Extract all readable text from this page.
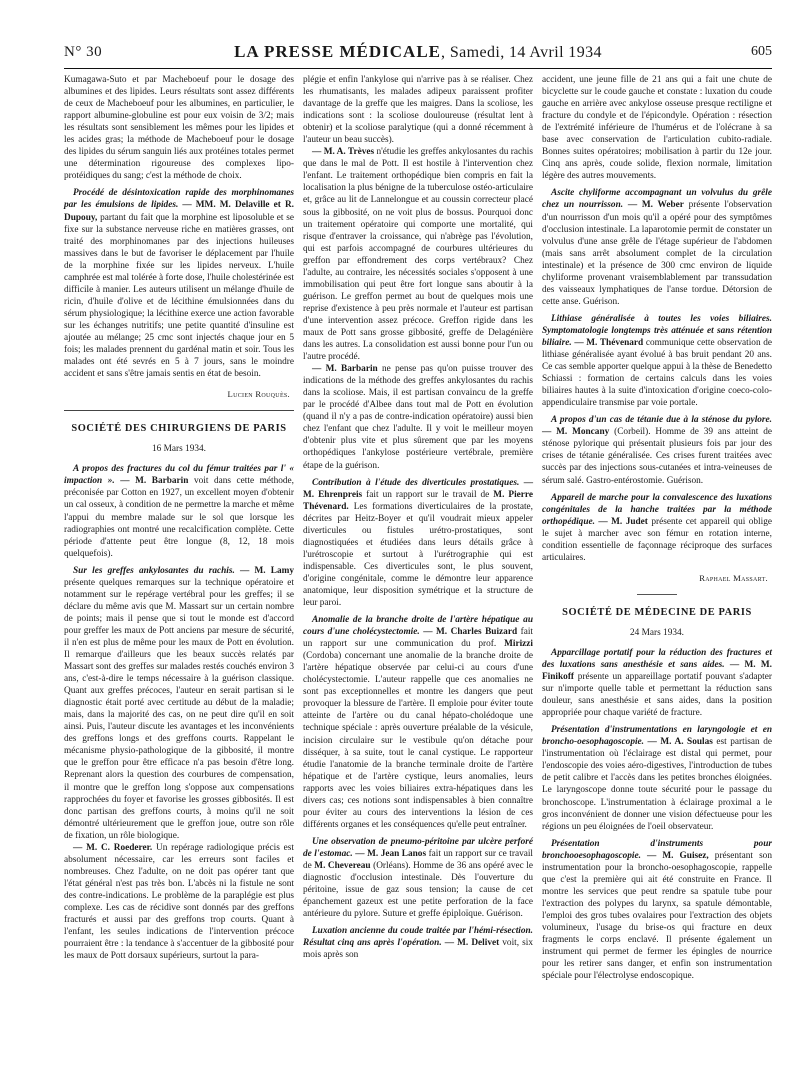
N° 30	LA PRESSE MÉDICALE, Samedi, 14 Avril 1934	605

Kumagawa-Suto et par Macheboeuf pour le dosage des albumines et des lipides. Leurs résultats sont assez différents de ceux de Macheboeuf pour les albumines, en particulier, le rapport albumine-globuline est pour eux voisin de 3/2; mais les résultats sont sensiblement les mêmes pour les lipides et les acides gras; la méthode de Macheboeuf pour le dosage des lipides du sérum sanguin liés aux protéines totales permet une détermination rigoureuse des complexes lipo-protéidiques du sang; c'est la méthode de choix.

Procédé de désintoxication rapide des morphinomanes par les émulsions de lipides. — MM. M. Delaville et R. Dupouy, partant du fait que la morphine est liposoluble et se fixe sur la substance nerveuse riche en matières grasses, ont traité des morphinomanes par des injections huileuses massives dans le but de favoriser le déplacement par l'huile de la morphine fixée sur les lipides nerveux. L'huile camphrée est mal tolérée à forte dose, l'huile cholestérinée est difficile à manier. Les auteurs utilisent un mélange d'huile de ricin, d'huile d'olive et de lécithine émulsionnées dans du sérum physiologique; la lécithine exerce une action favorable sur les échanges nutritifs; une petite quantité d'insuline est ajoutée au mélange; 25 cmc sont injectés chaque jour en 5 fois; les malades prennent du gardénal matin et soir. Tous les malades ont été sevrés en 5 à 7 jours, sans le moindre accident et sans s'être jamais sentis en état de besoin.

Lucien Rouquès.
SOCIÉTÉ DES CHIRURGIENS DE PARIS
16 Mars 1934.

A propos des fractures du col du fémur traitées par l' « impaction ». — M. Barbarin voit dans cette méthode, préconisée par Cotton en 1927, un excellent moyen d'obtenir un cal osseux, à condition de ne permettre la marche et même l'appui du membre malade sur le sol que lorsque les radiographies ont montré une recalcification complète. Cette période d'attente peut être longue (8, 12, 18 mois quelquefois).

Sur les greffes ankylosantes du rachis. — M. Lamy présente quelques remarques sur la technique opératoire et notamment sur le repérage vertébral pour les greffes; il se déclare du même avis que M. Massart sur un certain nombre de points; mais il pense que si tout le monde est d'accord pour greffer les maux de Pott anciens par mesure de sécurité, il n'en est plus de même pour les maux de Pott en évolution. Il remarque d'ailleurs que les beaux succès relatés par Massart sont des greffes sur malades restés couchés environ 3 ans, c'est-à-dire le temps nécessaire à la guérison classique. Quant aux greffes précoces, l'auteur en serait partisan si le diagnostic était porté avec certitude au début de la maladie; mais, dans la majorité des cas, on ne peut dire qu'il en soit ainsi. Puis, l'auteur discute les avantages et les inconvénients des greffons longs et des greffons courts. Rappelant le mécanisme physio-pathologique de la gibbosité, il montre que le greffon pour être efficace n'a pas besoin d'être long. Reprenant alors la question des courbures de compensation, il montre que le greffon long s'oppose aux compensations rapprochées du foyer et favorise les grosses gibbosités. Il est donc partisan des greffons courts, à moins qu'il ne soit démontré ultérieurement que le greffon joue, outre son rôle de fixation, un rôle biologique.

— M. C. Roederer. Un repérage radiologique précis est absolument nécessaire, car les erreurs sont faciles et nombreuses. Chez l'adulte, on ne doit pas opérer tant que l'état général n'est pas très bon. L'abcès ni la fistule ne sont des contre-indications. Le problème de la paraplégie est plus complexe. Les cas de récidive sont donnés par des greffons fracturés et aussi par des greffons trop courts. Quant à l'enfant, les seules indications de l'intervention précoce pourraient être : la tendance à s'accentuer de la gibbosité pour les maux de Pott dorsaux supérieurs, surtout la para-

plégie et enfin l'ankylose qui n'arrive pas à se réaliser. Chez les rhumatisants, les malades adipeux paraissent profiter davantage de la greffe que les maigres. Dans la scoliose, les indications sont : la scoliose douloureuse (résultat lent à obtenir) et la scoliose paralytique (qui a donné récemment à l'auteur un beau succès).

— M. A. Trèves n'étudie les greffes ankylosantes du rachis que dans le mal de Pott. Il est hostile à l'intervention chez l'enfant. Le traitement orthopédique bien compris en fait la localisation la plus bénigne de la tuberculose ostéo-articulaire et, grâce au lit de Lannelongue et au coussin correcteur placé sous la gibbosité, on ne voit plus de bossus. Pourquoi donc un traitement opératoire qui comporte une mortalité, qui risque d'entraver la croissance, qui n'abrège pas l'évolution, qui est parfois accompagné de courbures ultérieures du greffon par effondrement des corps vertébraux? Chez l'adulte, au contraire, les nécessités sociales s'opposent à une immobilisation qui peut être fort longue sans aboutir à la guérison. Le greffon permet au bout de quelques mois une reprise d'existence à peu près normale et l'auteur est partisan d'une intervention assez précoce. Greffon rigide dans les maux de Pott sans grosse gibbosité, greffe de Delagénière dans les autres. La consolidation est aussi bonne pour l'un ou l'autre procédé.

— M. Barbarin ne pense pas qu'on puisse trouver des indications de la méthode des greffes ankylosantes du rachis dans la scoliose. Mais, il est partisan convaincu de la greffe par le procédé d'Albee dans tout mal de Pott en évolution (quand il n'y a pas de contre-indication opératoire) aussi bien chez l'enfant que chez l'adulte. Il y voit le meilleur moyen d'obtenir plus vite et plus sûrement que par les moyens orthopédiques l'ankylose postérieure vertébrale, première étape de la guérison.

Contribution à l'étude des diverticules prostatiques. — M. Ehrenpreis fait un rapport sur le travail de M. Pierre Thévenard. Les formations diverticulaires de la prostate, décrites par Heitz-Boyer et qu'il voudrait mieux appeler diverticules ou fistules urétro-prostatiques, sont diagnostiquées et étudiées dans leurs détails grâce à l'urétroscopie et surtout à l'urétrographie qui est indispensable. Ces diverticules sont, le plus souvent, d'origine congénitale, comme le démontre leur apparence anatomique, leur disposition symétrique et la structure de leur paroi.

Anomalie de la branche droite de l'artère hépatique au cours d'une cholécystectomie. — M. Charles Buizard fait un rapport sur une communication du prof. Mirizzi (Cordoba) concernant une anomalie de la branche droite de l'artère hépatique observée par celui-ci au cours d'une cholécystectomie. L'auteur rappelle que ces anomalies ne sont pas exceptionnelles et montre les dangers que peut provoquer la blessure de l'artère. Il emploie pour éviter toute atteinte de l'artère ou du canal hépato-cholédoque une technique spéciale : après ouverture préalable de la vésicule, incision circulaire sur le vestibule qu'on détache pour disséquer, à sa suite, tout le canal cystique. Le rapporteur étudie l'anatomie de la branche terminale droite de l'artère hépatique et de l'artère cystique, leurs anomalies, leurs rapports avec les voies biliaires extra-hépatiques dans les divers cas; ces notions sont indispensables à bien connaître pour éviter au cours des interventions la lésion de ces différents organes et les conséquences qu'elle peut entraîner.

Une observation de pneumo-péritoine par ulcère perforé de l'estomac. — M. Jean Lanos fait un rapport sur ce travail de M. Chevereau (Orléans). Homme de 36 ans opéré avec le diagnostic d'occlusion intestinale. Dès l'ouverture du péritoine, issue de gaz sous tension; la cause de cet épanchement gazeux est une petite perforation de la face antérieure du pylore. Suture et greffe épiploïque. Guérison.

Luxation ancienne du coude traitée par l'hémi-résection. Résultat cinq ans après l'opération. — M. Delivet voit, six mois après son

accident, une jeune fille de 21 ans qui a fait une chute de bicyclette sur le coude gauche et constate : luxation du coude gauche en arrière avec ankylose osseuse presque rectiligne et fracture du condyle et de l'épicondyle. Opération : résection de l'extrémité inférieure de l'humérus et de l'olécrane à sa base avec conservation de l'articulation cubito-radiale. Bonnes suites opératoires; mobilisation à partir du 12e jour. Cinq ans après, coude solide, flexion normale, limitation légère des autres mouvements.

Ascite chyliforme accompagnant un volvulus du grêle chez un nourrisson. — M. Weber présente l'observation d'un nourrisson d'un mois qu'il a opéré pour des symptômes d'occlusion intestinale. La laparotomie permit de constater un volvulus d'une anse grêle de l'étage supérieur de l'abdomen (mais sans arrêt absolument complet de la circulation intestinale) et la présence de 300 cmc environ de liquide chyliforme provenant vraisemblablement par transsudation des vaisseaux lymphatiques de l'anse tordue. Détorsion de cette anse. Guérison.

Lithiase généralisée à toutes les voies biliaires. Symptomatologie longtemps très atténuée et sans rétention biliaire. — M. Thévenard communique cette observation de lithiase généralisée ayant évolué à bas bruit pendant 20 ans. Ce cas semble apporter quelque appui à la thèse de Benedetto Schiassi : formation de certains calculs dans les voies biliaires hautes à la suite d'intoxication d'origine coeco-colo-appendiculaire transmise par voie portale.

A propos d'un cas de tétanie due à la sténose du pylore. — M. Moncany (Corbeil). Homme de 39 ans atteint de sténose pylorique qui présentait plusieurs fois par jour des crises de tétanie généralisée. Ces crises furent traitées avec succès par des injections sous-cutanées et intra-veineuses de sérum salé. Gastro-entérostomie. Guérison.

Appareil de marche pour la convalescence des luxations congénitales de la hanche traitées par la méthode orthopédique. — M. Judet présente cet appareil qui oblige le sujet à marcher avec son fémur en rotation interne, condition essentielle de façonnage réciproque des surfaces articulaires.

Raphael Massart.
SOCIÉTÉ DE MÉDECINE DE PARIS
24 Mars 1934.

Apparcillage portatif pour la réduction des fractures et des luxations sans anesthésie et sans aides. — M. M. Finikoff présente un appareillage portatif pouvant s'adapter sur n'importe quelle table et permettant la réduction sans douleur, sans anesthésie et sans aides, dans la position appropriée pour chaque variété de fracture.

Présentation d'instrumentations en laryngologie et en broncho-oesophagoscopie. — M. A. Soulas est partisan de l'instrumentation où l'éclairage est distal qui permet, pour l'endoscopie des voies aéro-digestives, l'introduction de tubes de petit calibre et l'accès dans les petites bronches éloignées. Le laryngoscope donne toute sécurité pour le passage du bronchoscope. L'instrumentation à éclairage proximal a le gros inconvénient de donner une vision défectueuse pour les régions un peu éloignées de l'oeil observateur.

Présentation d'instruments pour bronchooesophagoscopie. — M. Guisez, présentant son instrumentation pour la broncho-oesophagoscopie, rappelle que c'est la première qui ait été construite en France. Il montre les services que peut rendre sa spatule tube pour l'extraction des polypes du larynx, sa spatule démontable, l'emploi des gros tubes ovalaires pour l'extraction des objets volumineux, l'usage du brise-os qui fracture en deux fragments le corps enclavé. Il présente également un instrument qui permet de fermer les épingles de nourrice pour les retirer sans danger, et enfin son instrumentation spéciale pour l'électrolyse endoscopique.
